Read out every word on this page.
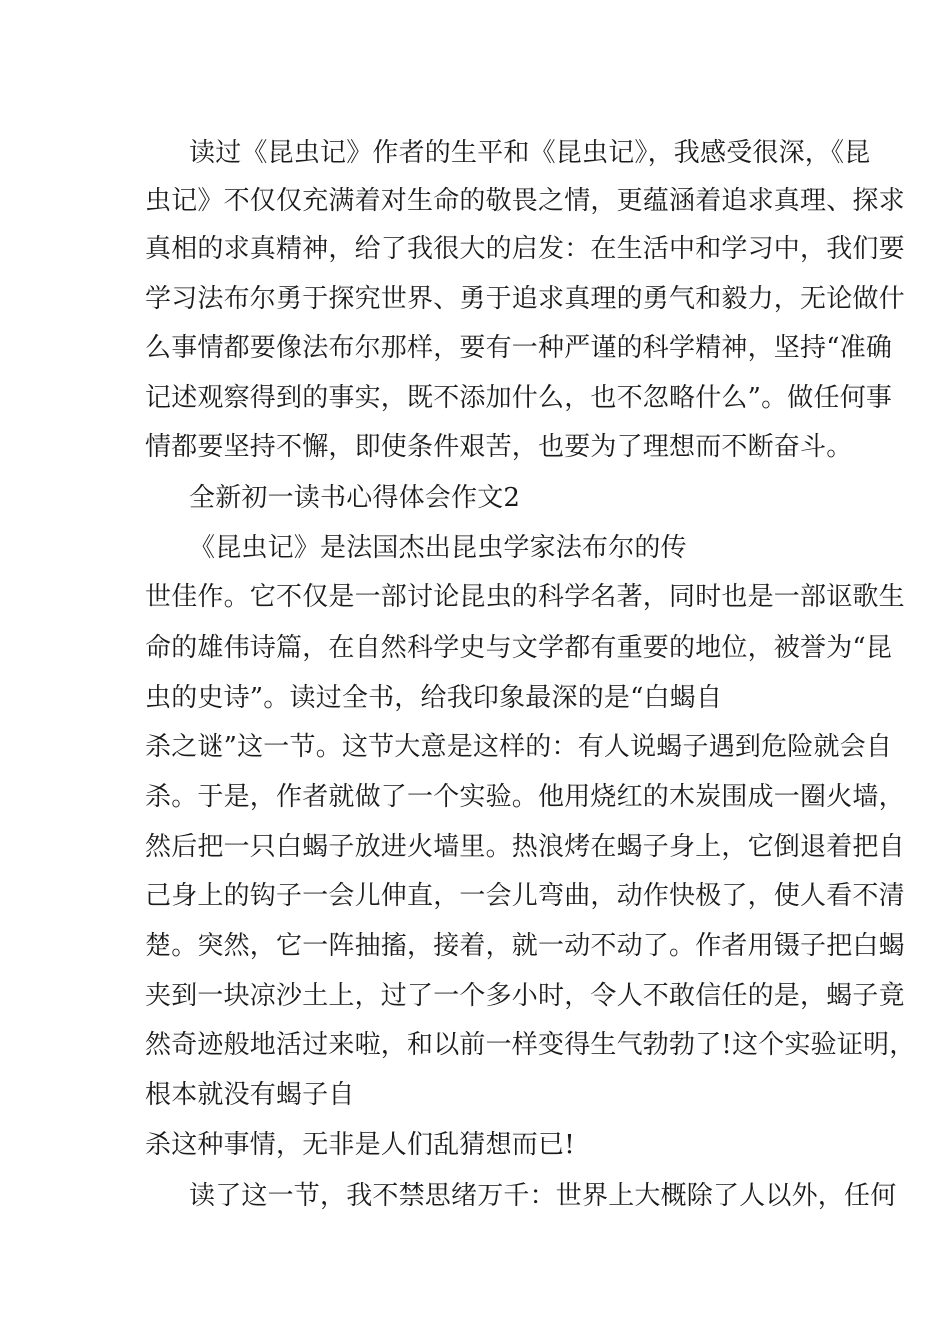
读过《昆虫记》作者的生平和《昆虫记》，我感受很深，《昆
虫记》不仅仅充满着对生命的敬畏之情，更蕴涵着追求真理、探求
真相的求真精神，给了我很大的启发：在生活中和学习中，我们要
学习法布尔勇于探究世界、勇于追求真理的勇气和毅力，无论做什
么事情都要像法布尔那样，要有一种严谨的科学精神，坚持“准确
记述观察得到的事实，既不添加什么，也不忽略什么”。做任何事
情都要坚持不懈，即使条件艰苦，也要为了理想而不断奋斗。
全新初一读书心得体会作文2
《昆虫记》是法国杰出昆虫学家法布尔的传
世佳作。它不仅是一部讨论昆虫的科学名著，同时也是一部讴歌生
命的雄伟诗篇，在自然科学史与文学都有重要的地位，被誉为“昆
虫的史诗”。读过全书，给我印象最深的是“白蝎自
杀之谜”这一节。这节大意是这样的：有人说蝎子遇到危险就会自
杀。于是，作者就做了一个实验。他用烧红的木炭围成一圈火墙，
然后把一只白蝎子放进火墙里。热浪烤在蝎子身上，它倒退着把自
己身上的钩子一会儿伸直，一会儿弯曲，动作快极了，使人看不清
楚。突然，它一阵抽搐，接着，就一动不动了。作者用镊子把白蝎
夹到一块凉沙土上，过了一个多小时，令人不敢信任的是，蝎子竟
然奇迹般地活过来啦，和以前一样变得生气勃勃了!这个实验证明，
根本就没有蝎子自
杀这种事情，无非是人们乱猜想而已!
读了这一节，我不禁思绪万千：世界上大概除了人以外，任何
